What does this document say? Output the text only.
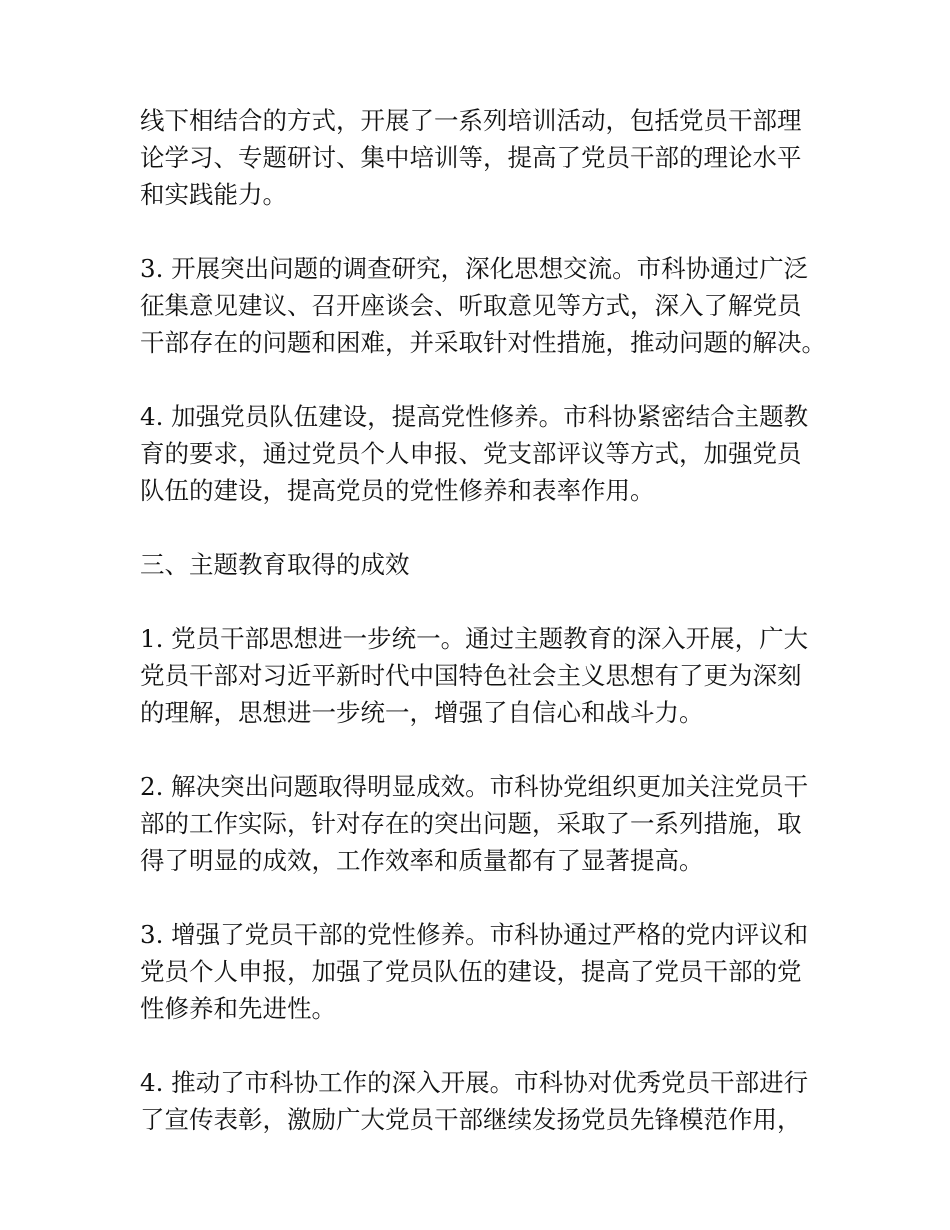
线下相结合的方式，开展了一系列培训活动，包括党员干部理
论学习、专题研讨、集中培训等，提高了党员干部的理论水平
和实践能力。

3. 开展突出问题的调查研究，深化思想交流。市科协通过广泛
征集意见建议、召开座谈会、听取意见等方式，深入了解党员
干部存在的问题和困难，并采取针对性措施，推动问题的解决。

4. 加强党员队伍建设，提高党性修养。市科协紧密结合主题教
育的要求，通过党员个人申报、党支部评议等方式，加强党员
队伍的建设，提高党员的党性修养和表率作用。

三、主题教育取得的成效

1. 党员干部思想进一步统一。通过主题教育的深入开展，广大
党员干部对习近平新时代中国特色社会主义思想有了更为深刻
的理解，思想进一步统一，增强了自信心和战斗力。

2. 解决突出问题取得明显成效。市科协党组织更加关注党员干
部的工作实际，针对存在的突出问题，采取了一系列措施，取
得了明显的成效，工作效率和质量都有了显著提高。

3. 增强了党员干部的党性修养。市科协通过严格的党内评议和
党员个人申报，加强了党员队伍的建设，提高了党员干部的党
性修养和先进性。

4. 推动了市科协工作的深入开展。市科协对优秀党员干部进行
了宣传表彰，激励广大党员干部继续发扬党员先锋模范作用，
